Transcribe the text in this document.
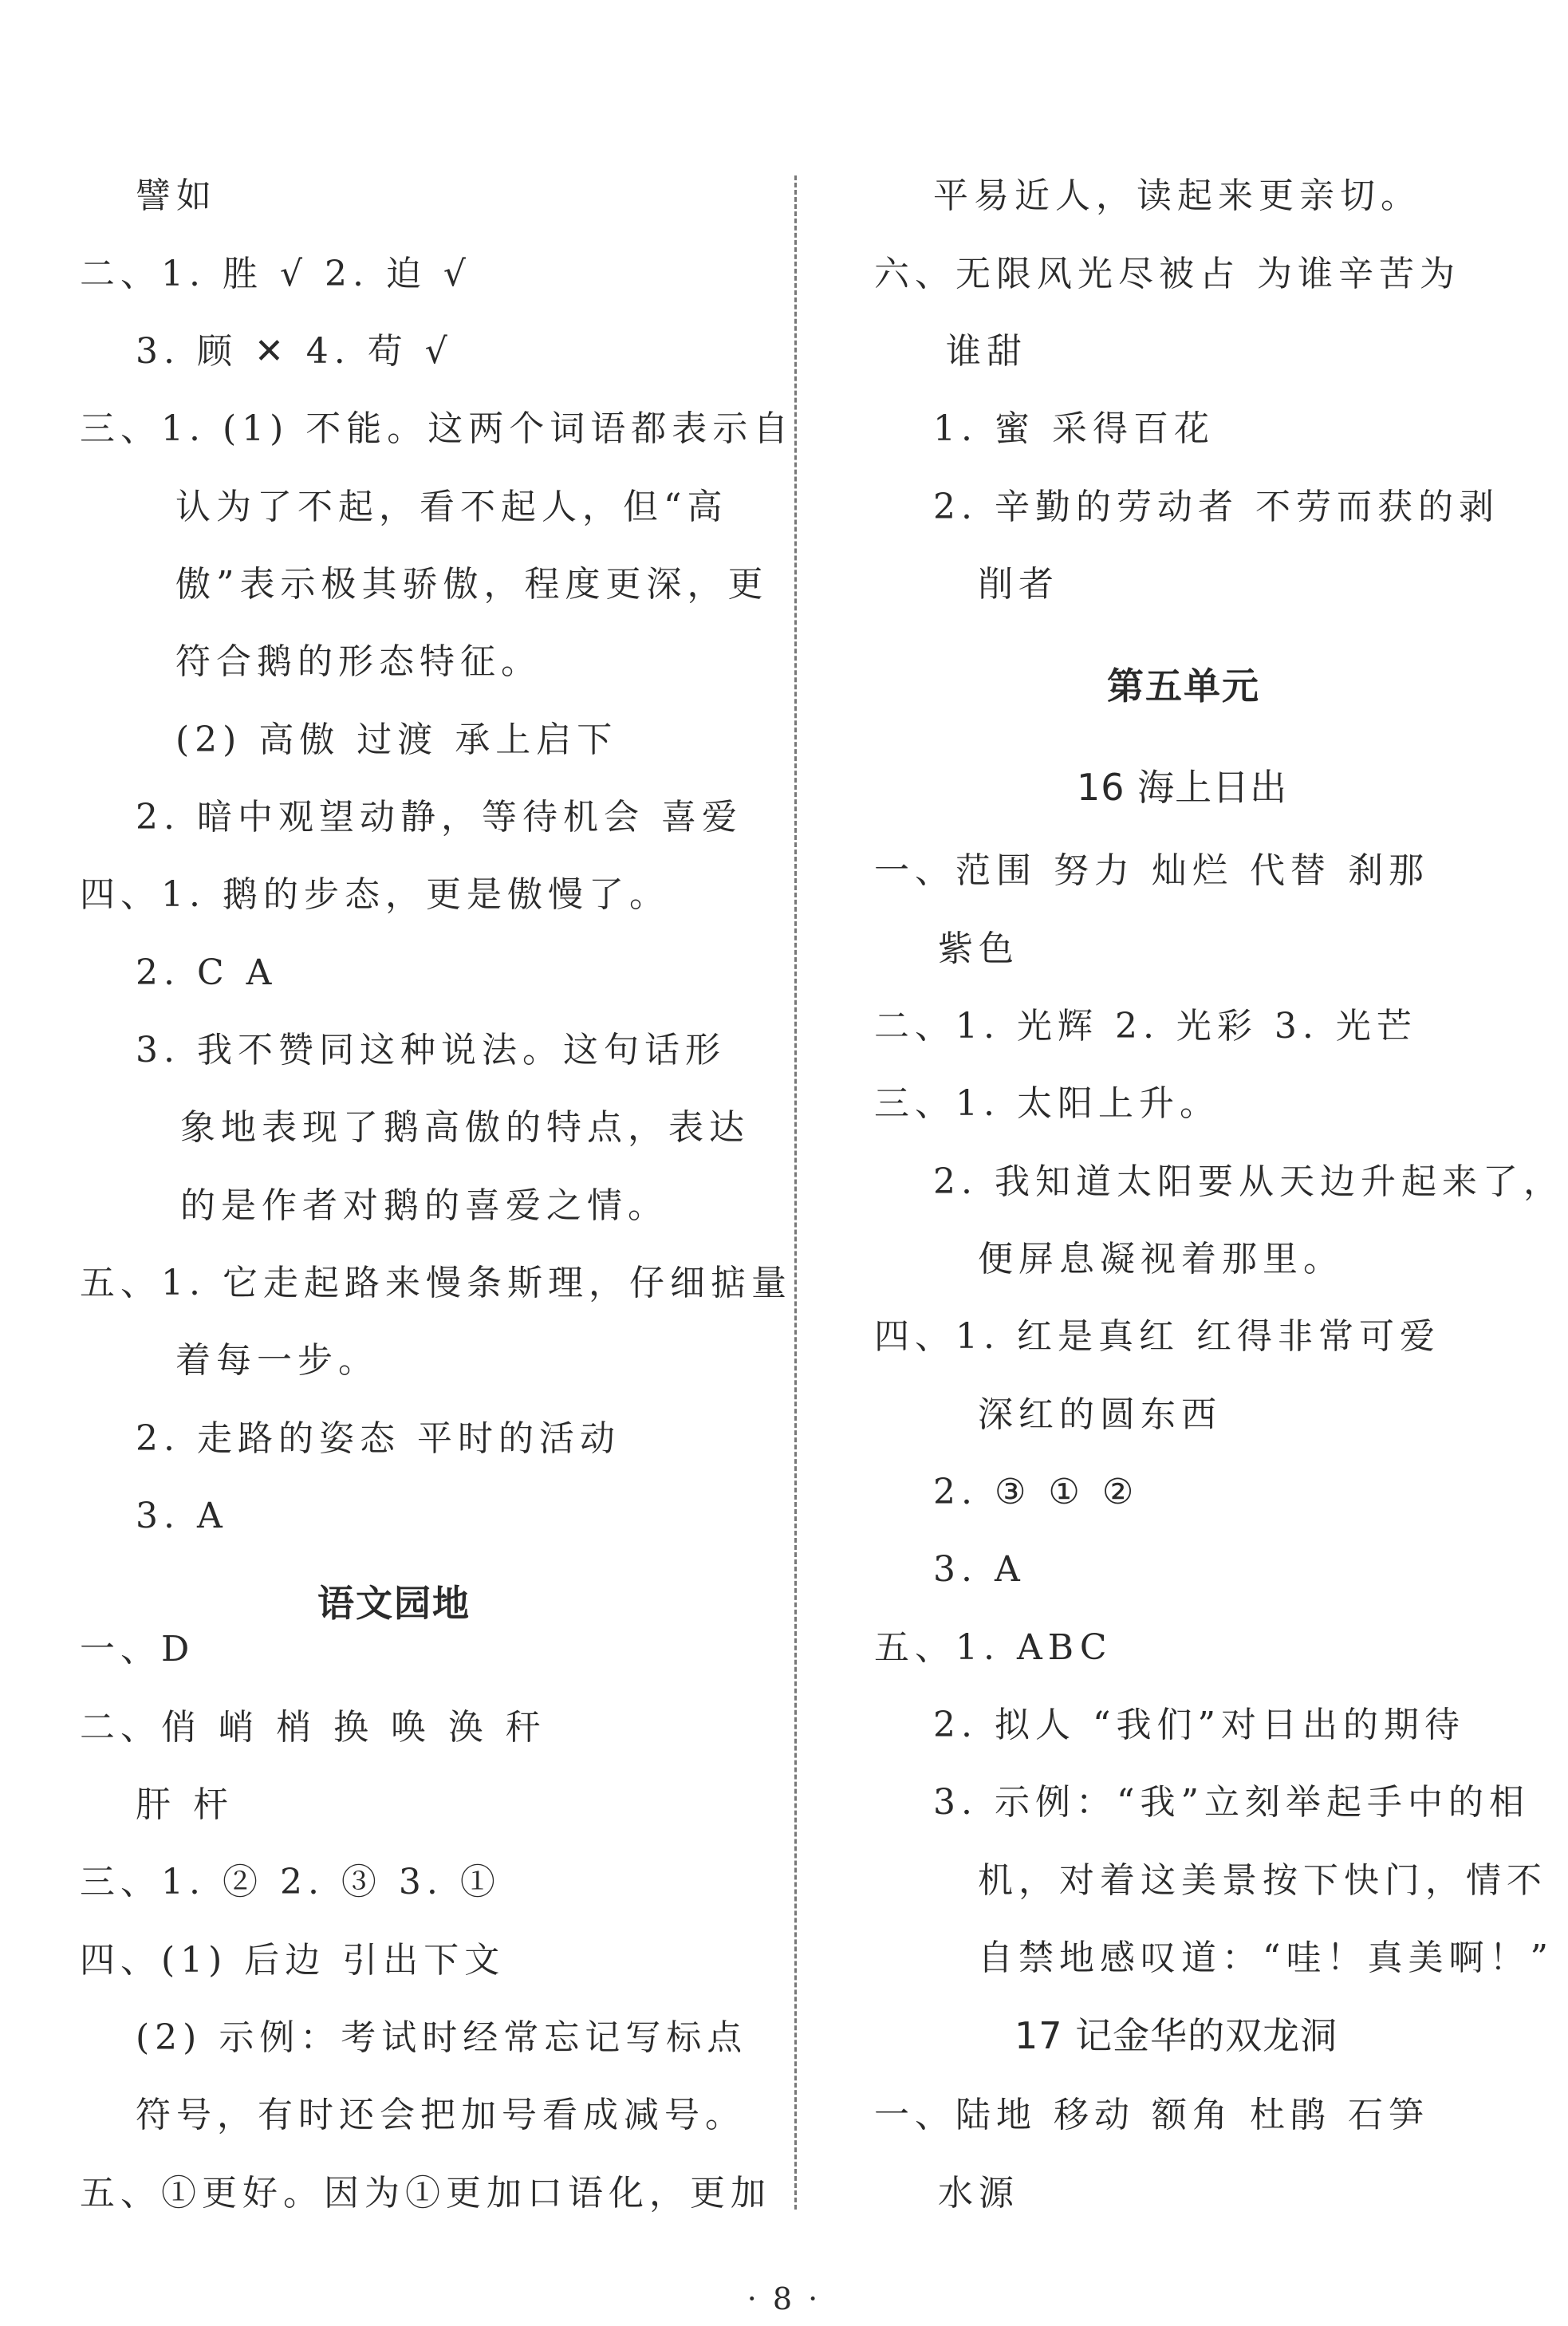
譬如
二、1. 胜 √ 2. 迫 √
3. 顾 ✕ 4. 苟 √
三、1. (1) 不能。这两个词语都表示自
认为了不起，看不起人，但“高
傲”表示极其骄傲，程度更深，更
符合鹅的形态特征。
(2) 高傲 过渡 承上启下
2. 暗中观望动静，等待机会 喜爱
四、1. 鹅的步态，更是傲慢了。
2. C A
3. 我不赞同这种说法。这句话形
象地表现了鹅高傲的特点，表达
的是作者对鹅的喜爱之情。
五、1. 它走起路来慢条斯理，仔细掂量
着每一步。
2. 走路的姿态 平时的活动
3. A
语文园地
一、D
二、俏 峭 梢 换 唤 涣 秆
肝 杆
三、1. ② 2. ③ 3. ①
四、(1) 后边 引出下文
(2) 示例：考试时经常忘记写标点
符号，有时还会把加号看成减号。
五、①更好。因为①更加口语化，更加
平易近人，读起来更亲切。
六、无限风光尽被占 为谁辛苦为
谁甜
1. 蜜 采得百花
2. 辛勤的劳动者 不劳而获的剥
削者
第五单元
16 海上日出
一、范围 努力 灿烂 代替 刹那
紫色
二、1. 光辉 2. 光彩 3. 光芒
三、1. 太阳上升。
2. 我知道太阳要从天边升起来了，
便屏息凝视着那里。
四、1. 红是真红 红得非常可爱
深红的圆东西
2. ③ ① ②
3. A
五、1. ABC
2. 拟人 “我们”对日出的期待
3. 示例：“我”立刻举起手中的相
机，对着这美景按下快门，情不
自禁地感叹道：“哇！真美啊！”
17 记金华的双龙洞
一、陆地 移动 额角 杜鹃 石笋
水源
· 8 ·
